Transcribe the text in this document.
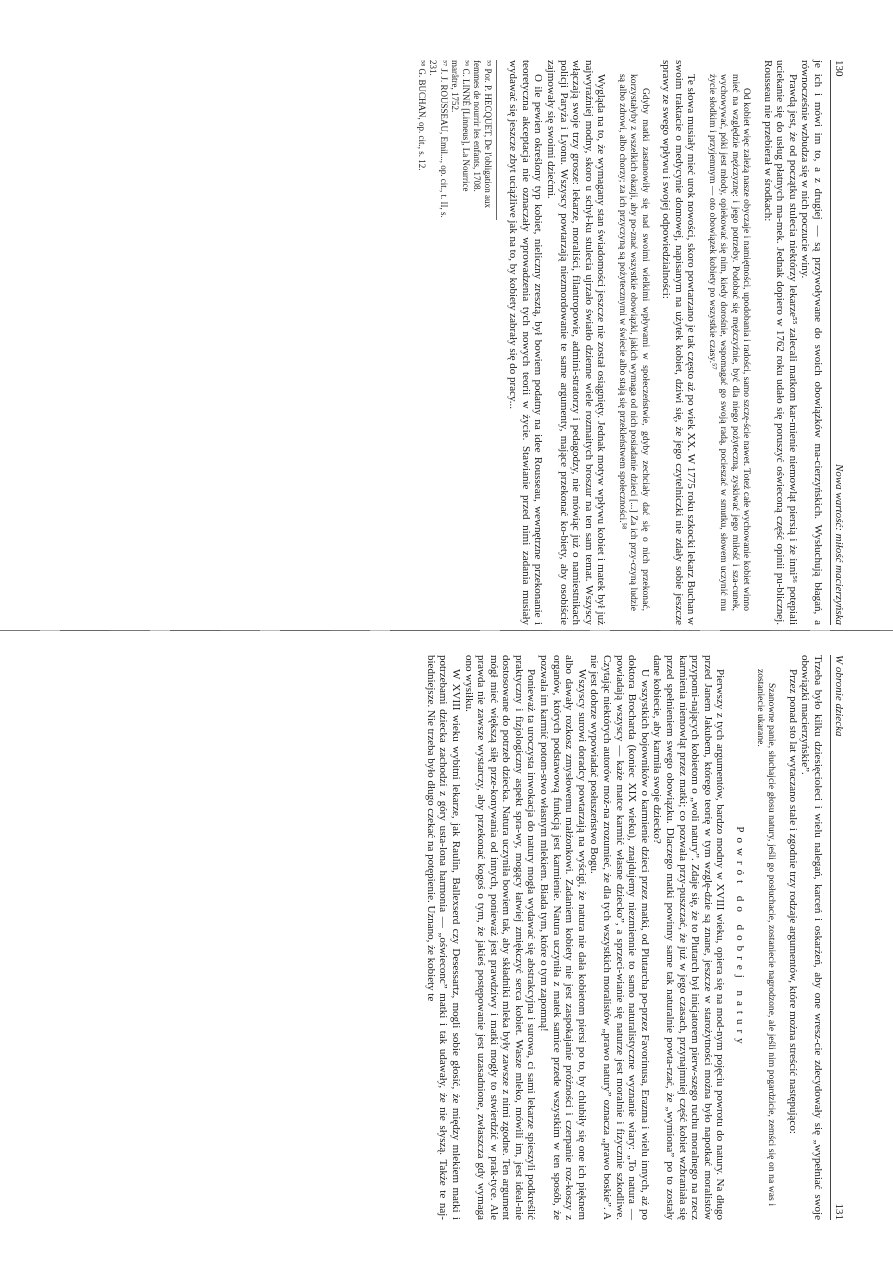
130
Nowa wartość: miłość macierzyńska

je ich i mówi im to, a z drugiej — są przywoływane do swoich obowiązków ma-cierzyńskich. Wysłuchują błagań, a równocześnie wzbudza się w nich poczucie winy.

Prawdą jest, że od początku stulecia niektórzy lekarze⁵⁵ zalecali matkom kar-mienie niemowląt piersią i że inni⁵⁶ potępiali uciekanie się do usług płatnych ma-mek. Jednak dopiero w 1762 roku udało się poruszyć oświeconą część opinii pu-blicznej. Rousseau nie przebierał w środkach:

Od kobiet więc zależą nasze obyczaje i namiętności, upodobania i radości, samo szczę-ście nawet. Toteż całe wychowanie kobiet winno mieć na względzie mężczyznę: i jego potrzeby. Podobać się mężczyźnie, być dla niego pożyteczną, zyskiwać jego miłość i sza-cunek, wychowywać, póki jest młody, opiekować się nim, kiedy dorośnie, wspomagać go swoją radą, pocieszać w smutku, słowem uczynić mu życie słodkim i przyjemnym — oto obowiązek kobiety po wszystkie czasy.⁵⁷

Te słowa musiały mieć urok nowości, skoro powtarzano je tak często aż po wiek XX. W 1775 roku szkocki lekarz Buchan w swoim traktacie o medycynie domowej, napisanym na użytek kobiet, dziwi się, że jego czytelniczki nie zdały sobie jeszcze sprawy ze swego wpływu i swojej odpowiedzialności:

Gdyby matki zastanowiły się nad swoimi wielkimi wpływami w społeczeństwie, gdyby zechciały dać się o nich przekonać, korzystałyby z wszelkich okazji, aby po-znać wszystkie obowiązki, jakich wymaga od nich posiadanie dzieci [...] Za ich przy-czyną ludzie są albo zdrowi, albo chorzy; za ich przyczyną są pożytecznymi w świecie albo stają się przekleństwem społeczności.⁵⁸

Wygląda na to, że wymagany stan świadomości jeszcze nie został osiągnięty. Jednak motyw wpływu kobiet i matek był już najwyraźniej modny, skoro u schył-ku stulecia ujrzało światło dzienne wiele rozmaitych broszur na ten sam temat. Wszyscy włączają swoje trzy grosze: lekarze, moraliści, filantropowie, admini-stratorzy i pedagodzy, nie mówiąc już o namiestnikach policji Paryża i Lyonu. Wszyscy powtarzają niezmordowanie te same argumenty, mające przekonać ko-biety, aby osobiście zajmowały się swoimi dziećmi.

O ile pewien określony typ kobiet, nieliczny zresztą, był bowiem podatny na idee Rousseau, wewnętrzne przekonanie i teoretyczna akceptacja nie oznaczały wprowadzenia tych nowych teorii w życie. Stawianie przed nimi zadania musiały wydawać się jeszcze zbyt uciążliwe jak na to, by kobiety zabrały się do pracy...

⁵⁵ Por. P. HECQUET, De l'obligation aux femmes de nourrir les enfants, 1708.
⁵⁶ C. LINNÉ [Linneus], La Nourrice marâtre, 1752.
⁵⁷ J. J. ROUSSEAU, Emil..., op. cit., t. II, s. 231.
⁵⁸ G. BUCHAN, op. cit., s. 12.
W obronie dziecka
131

Trzeba było kilku dziesięcioleci i wielu nalegań, karceń i oskarżeń, aby one wresz-cie zdecydowały się „wypełniać swoje obowiązki macierzyńskie”.

Przez ponad sto lat wytaczano stale i zgodnie trzy rodzaje argumentów, które można streścić następująco:

Szanowne panie, słuchajcie głosu natury, jeśli go posłuchacie, zostaniecie nagrodzone, ale jeśli nim pogardzicie, zemści się on na was i zostaniecie ukarane.

Powrót do dobrej natury

Pierwszy z tych argumentów, bardzo modny w XVIII wieku, opiera się na mod-nym pojęciu powrotu do natury. Na długo przed Janem Jakubem, którego teorię w tym wzglę-dzie są znane, jeszcze w starożytności można było napotkać moralistów przypomi-nających kobietom o „woli natury”. Zdaje się, że to Plutarch był inicjatorem pierw-szego ruchu moralnego na rzecz karmienia niemowląt przez matki; co pozwala przy-puszczać, że już w jego czasach, przynajmniej część kobiet wzbraniała się przed spełnieniem swego obowiązku. Dlaczego matki powinny same tak naturalnie powta-rzać, że „wymiona” po to zostały dane kobiecie, aby karmiła swoje dziecko?

U wszystkich bojowników o karmienie dzieci przez matki, od Plutarcha po-przez Favorinusa, Erazma i wielu innych, aż po doktora Brocharda (koniec XIX wieku), znajdujemy niezmiennie to samo naturalistyczne wyznanie wiary: „To natura — powiadają wszyscy — każe matce karmić własne dziecko”, a sprzeci-wianie się naturze jest moralnie i fizycznie szkodliwe. Czytając niektórych autorów moż-na zrozumieć, że dla tych wszystkich moralistów „prawo natury” oznacza „prawo boskie”. A nie jest dobrze wypowiadać posłuszeństwo Bogu.

Wszyscy surowi doradcy powtarzają na wyścigi, że natura nie dała kobietom piersi po to, by chlubiły się one ich pięknem albo dawały rozkosz zmysłowemu małżonkowi. Zadaniem kobiety nie jest zaspokajanie próżności i czerpanie roz-koszy z organów, których podstawową funkcją jest karmienie. Natura uczyniła z matek samice przede wszystkim w ten sposób, że pozwala im karmić potom-stwo własnym mlekiem. Biada tym, które o tym zapomną!

Ponieważ ta uroczysta inwokacja do natury mogła wydawać się abstrakcyjna i surowa, ci sami lekarze spieszyli podkreślić praktyczny i fizjologiczny aspekt spra-wy, mogący łatwiej zmiękczyć serca kobiet. Wasze mleko, mówili im, jest ideal-nie dostosowane do potrzeb dziecka. Natura uczyniła bowiem tak, aby składniki mleka były zawsze z nimi zgodne. Ten argument mógł mieć większą siłę prze-konywania od innych, ponieważ jest prawdziwy i matki mogły to stwierdzić w prak-tyce. Ale prawda nie zawsze wystarczy, aby przekonać kogoś o tym, że jakieś postępowanie jest uzasadnione, zwłaszcza gdy wymaga ono wysiłku.

W XVIII wieku wybitni lekarze, jak Raulin, Ballexserd czy Desessartz, mogli sobie głosić, że między mlekiem matki i potrzebami dziecka zachodzi z góry usta-lona harmonia — „oświeconc” matki i tak udawały, że nie słyszą. Także te naj-biedniejsze. Nie trzeba było długo czekać na potępienie. Uznano, że kobiety te
